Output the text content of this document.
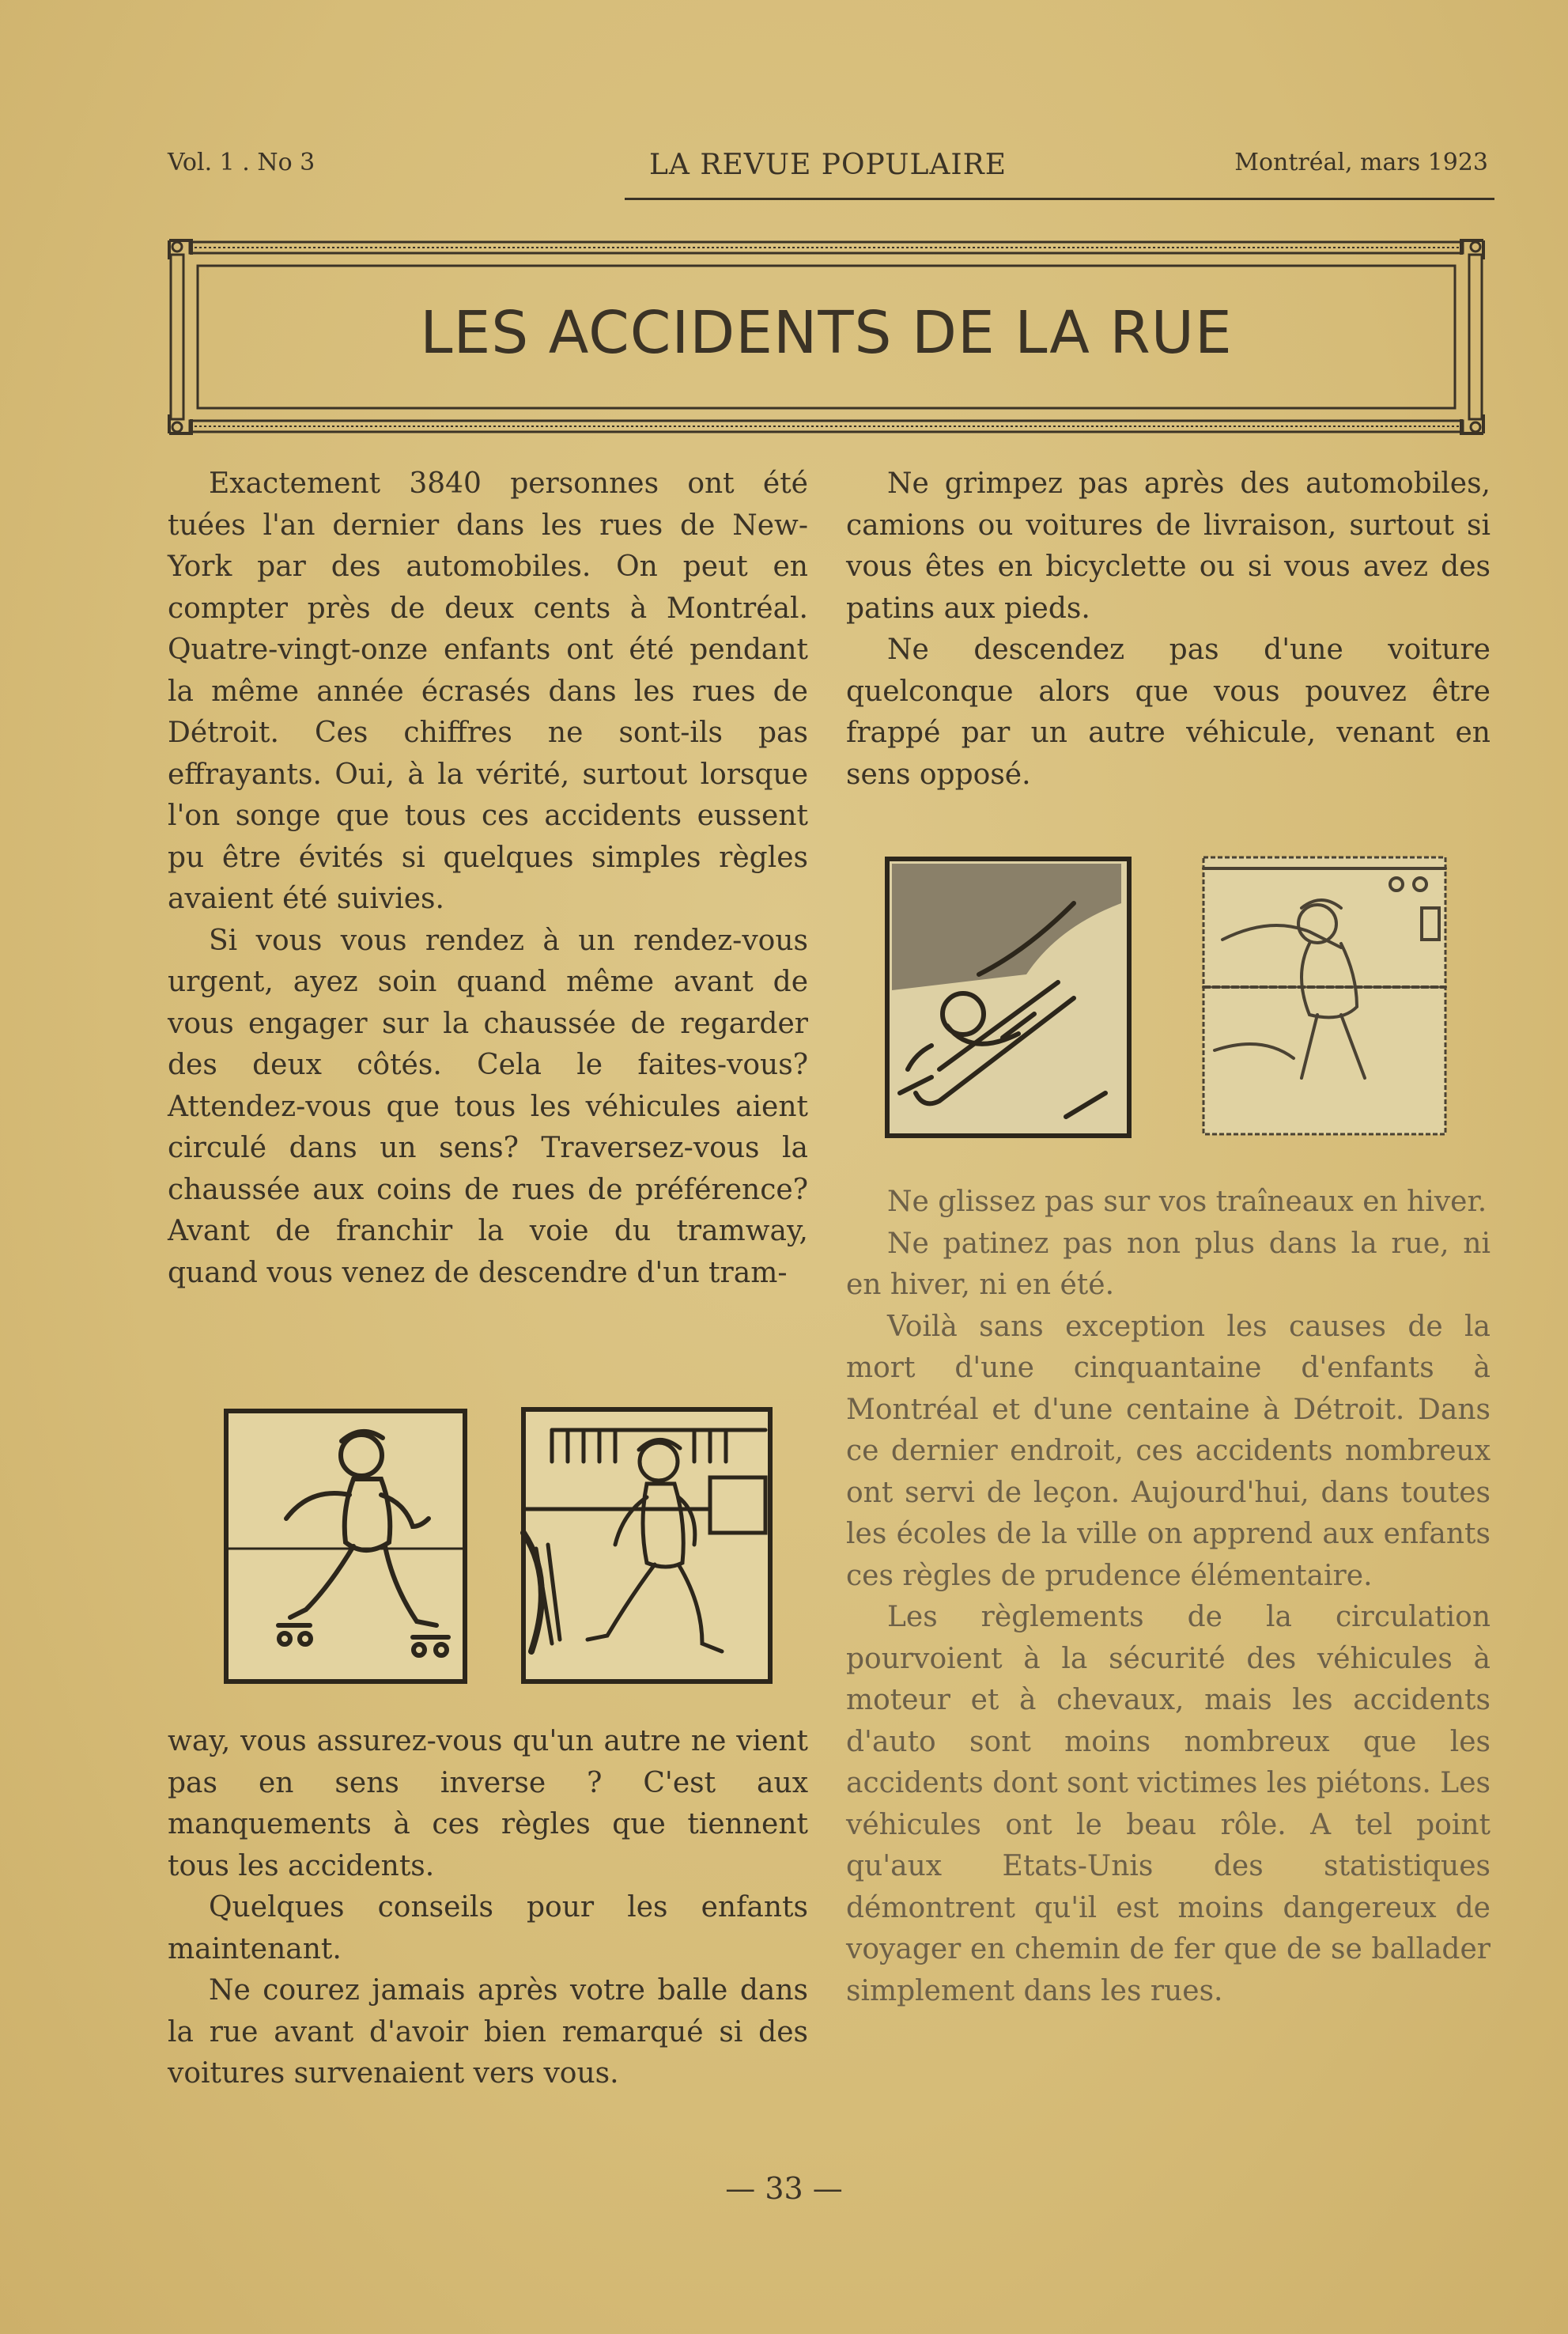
Vol. 1 . No 3	LA REVUE POPULAIRE	Montréal, mars 1923
LES ACCIDENTS DE LA RUE

Exactement 3840 personnes ont été tuées l'an dernier dans les rues de New-York par des automobiles. On peut en compter près de deux cents à Montréal. Quatre-vingt-onze enfants ont été pendant la même année écrasés dans les rues de Détroit. Ces chiffres ne sont-ils pas effrayants. Oui, à la vérité, surtout lorsque l'on songe que tous ces accidents eussent pu être évités si quelques simples règles avaient été suivies.

Si vous vous rendez à un rendez-vous urgent, ayez soin quand même avant de vous engager sur la chaussée de regarder des deux côtés. Cela le faites-vous? Attendez-vous que tous les véhicules aient circulé dans un sens? Traversez-vous la chaussée aux coins de rues de préférence? Avant de franchir la voie du tramway, quand vous venez de descendre d'un tram-

way, vous assurez-vous qu'un autre ne vient pas en sens inverse ? C'est aux manquements à ces règles que tiennent tous les accidents.

Quelques conseils pour les enfants maintenant.

Ne courez jamais après votre balle dans la rue avant d'avoir bien remarqué si des voitures survenaient vers vous.

Ne grimpez pas après des automobiles, camions ou voitures de livraison, surtout si vous êtes en bicyclette ou si vous avez des patins aux pieds.

Ne descendez pas d'une voiture quelconque alors que vous pouvez être frappé par un autre véhicule, venant en sens opposé.

Ne glissez pas sur vos traîneaux en hiver.

Ne patinez pas non plus dans la rue, ni en hiver, ni en été.

Voilà sans exception les causes de la mort d'une cinquantaine d'enfants à Montréal et d'une centaine à Détroit. Dans ce dernier endroit, ces accidents nombreux ont servi de leçon. Aujourd'hui, dans toutes les écoles de la ville on apprend aux enfants ces règles de prudence élémentaire.

Les règlements de la circulation pourvoient à la sécurité des véhicules à moteur et à chevaux, mais les accidents d'auto sont moins nombreux que les accidents dont sont victimes les piétons. Les véhicules ont le beau rôle. A tel point qu'aux Etats-Unis des statistiques démontrent qu'il est moins dangereux de voyager en chemin de fer que de se ballader simplement dans les rues.

— 33 —
